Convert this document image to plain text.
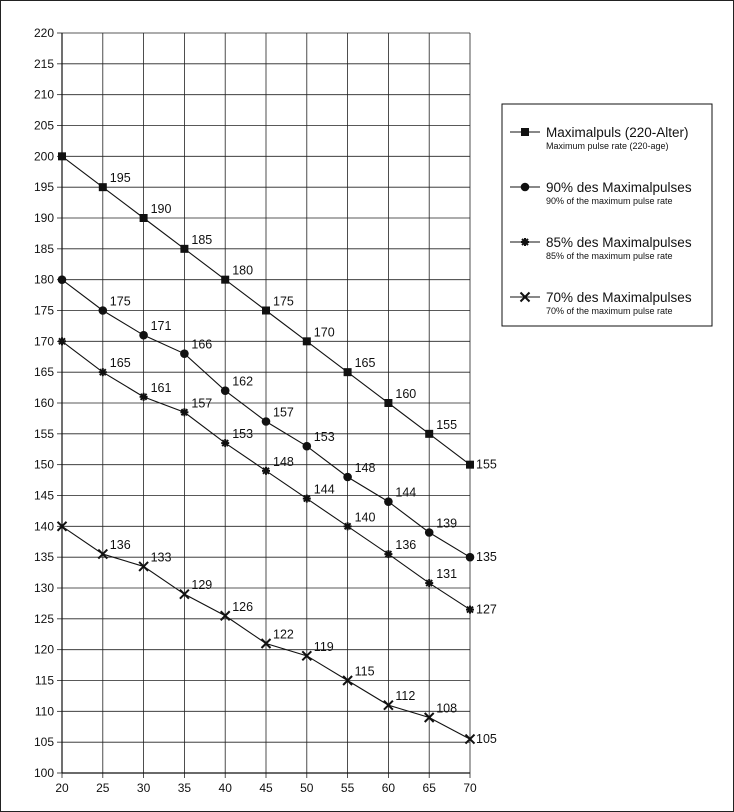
100
105
110
115
120
125
130
135
140
145
150
155
160
165
170
175
180
185
190
195
200
205
210
215
220
20 25 30 35 40 45 50 55 60 65 70
195
190
185
180
175
170
165
160
155
155
175
171
166
162
157
153
148
144
139
135
165
161
157
153
148
144
140
136
131
127
136
133
129
126
122
119
115
112
108
105
Maximalpuls (220-Alter)
Maximum pulse rate (220-age)
90% des Maximalpulses
90% of the maximum pulse rate
85% des Maximalpulses
85% of the maximum pulse rate
70% des Maximalpulses
70% of the maximum pulse rate
